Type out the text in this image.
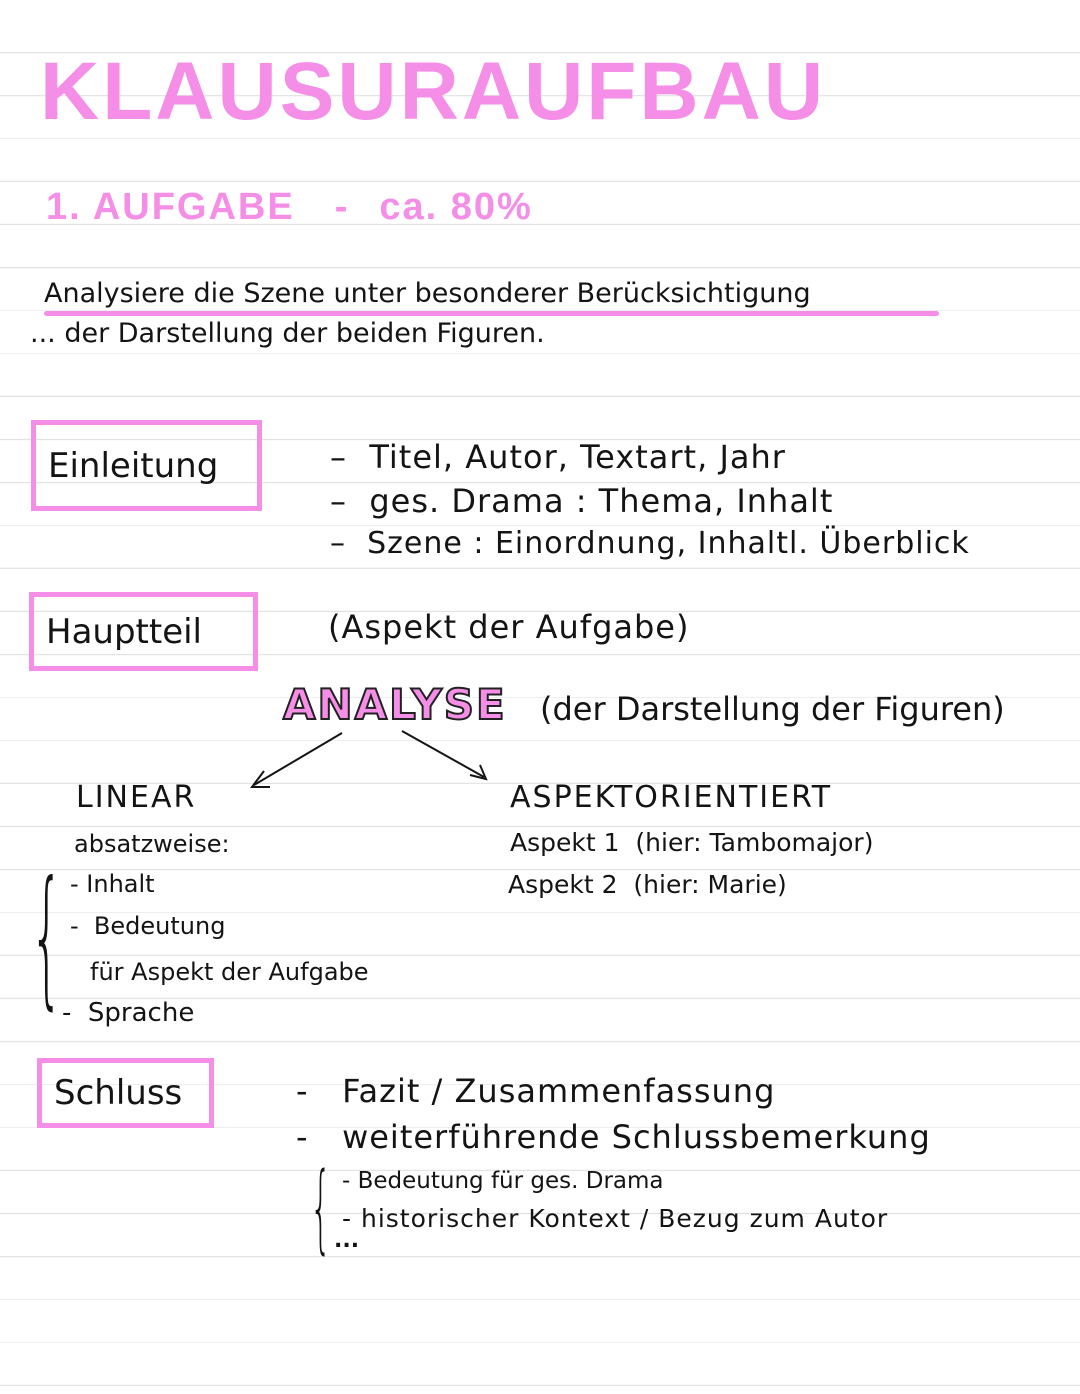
KLAUSURAUFBAU
1. AUFGABE - ca. 80%
Analysiere die Szene unter besonderer Berücksichtigung
... der Darstellung der beiden Figuren.
Einleitung	–  Titel, Autor, Textart, Jahr
–  ges. Drama : Thema, Inhalt
–  Szene : Einordnung, Inhaltl. Überblick
Hauptteil	(Aspekt der Aufgabe)
ANALYSE (der Darstellung der Figuren)
LINEAR
absatzweise:
{ - Inhalt
-  Bedeutung
für Aspekt der Aufgabe
-  Sprache
ASPEKTORIENTIERT
Aspekt 1  (hier: Tambomajor)
Aspekt 2  (hier: Marie)
Schluss	-   Fazit / Zusammenfassung
-   weiterführende Schlussbemerkung
{ - Bedeutung für ges. Drama
- historischer Kontext / Bezug zum Autor
...
